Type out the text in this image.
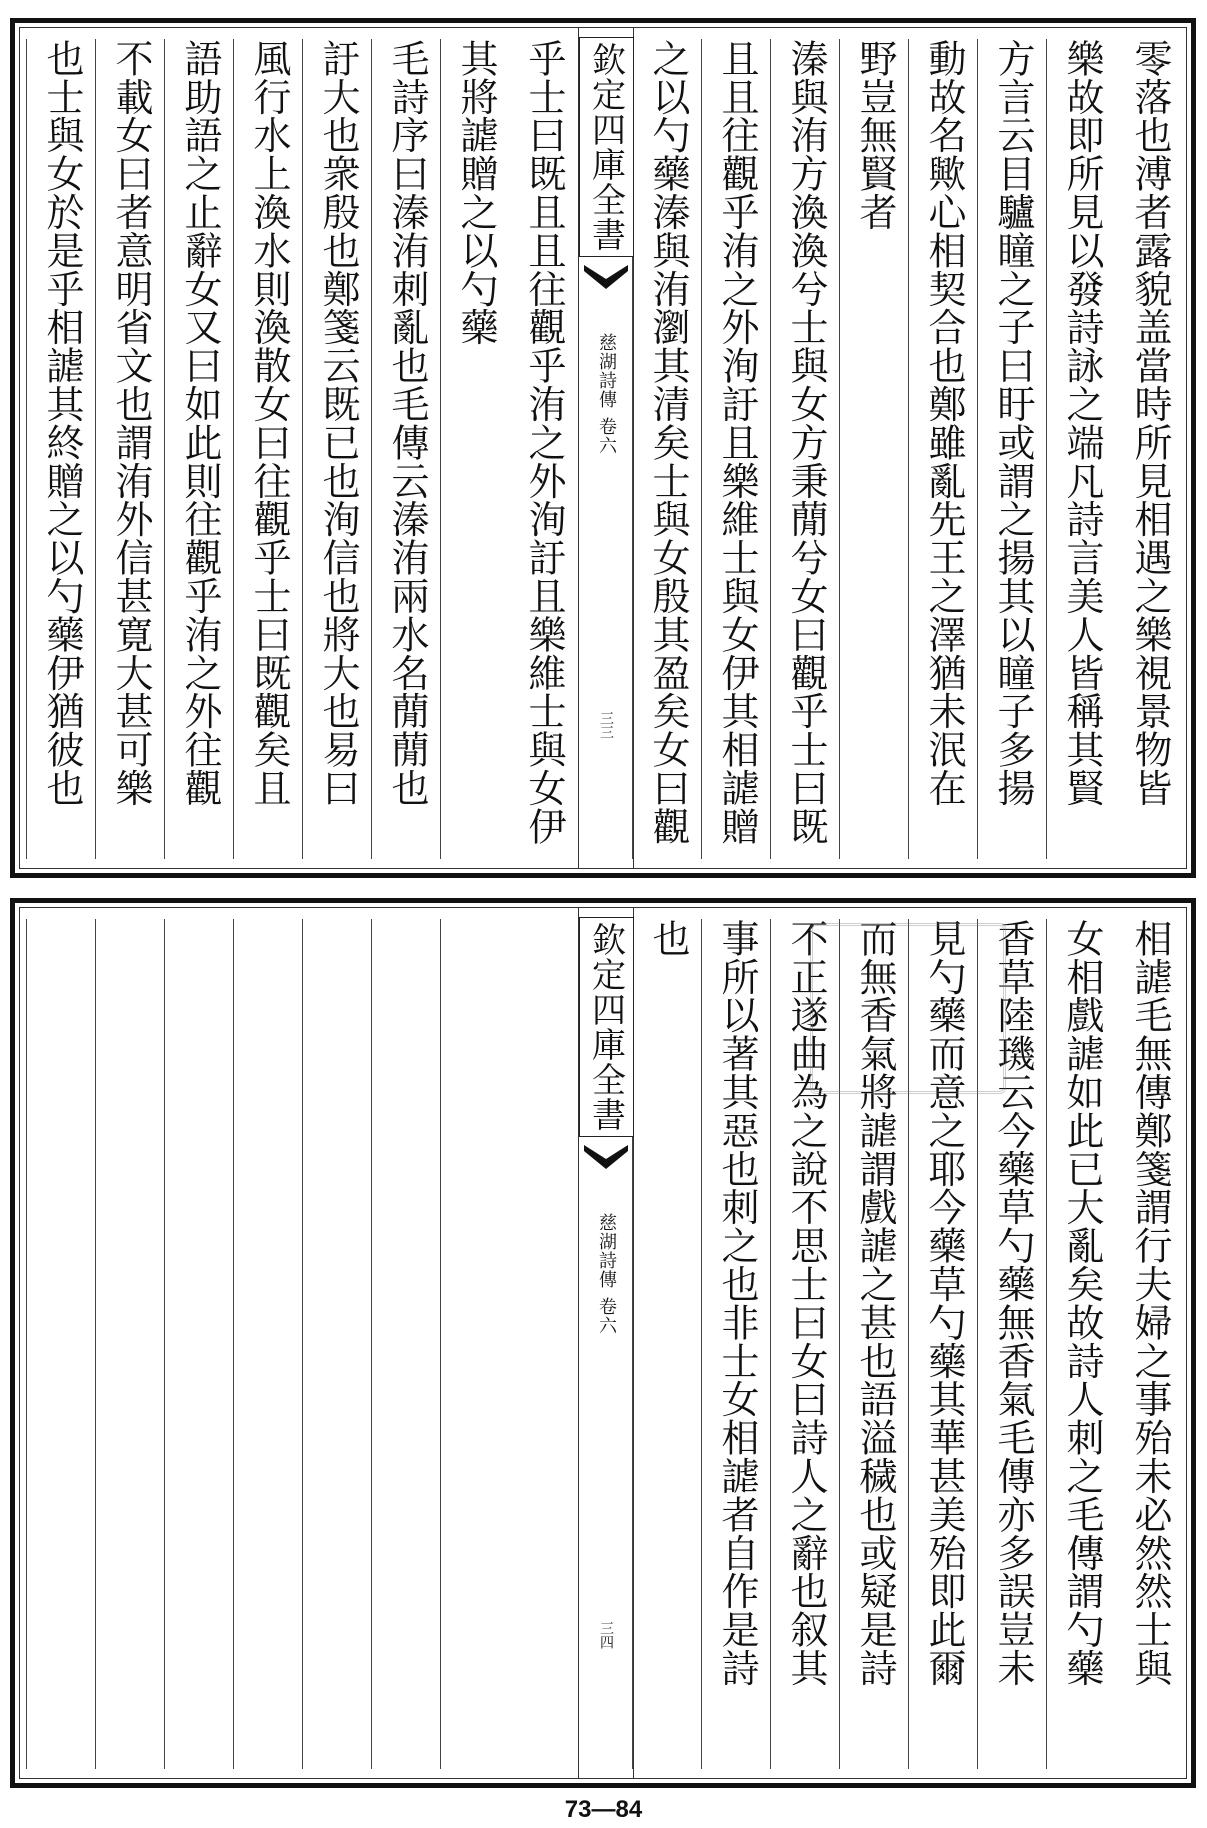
零落也溥者露貌盖當時所見相遇之樂視景物皆
樂故即所見以發詩詠之端凡詩言美人皆稱其賢
方言云目驢瞳之子曰盱或謂之揚其以瞳子多揚
動故名歟心相契合也鄭雖亂先王之澤猶未泯在
野豈無賢者
溱與洧方渙渙兮士與女方秉蕑兮女曰觀乎士曰既
且且往觀乎洧之外洵訏且樂維士與女伊其相謔贈
之以勺藥溱與洧瀏其清矣士與女殷其盈矣女曰觀
欽定四庫全書
慈湖詩傳
卷六
三三
乎士曰既且且往觀乎洧之外洵訏且樂維士與女伊
其將謔贈之以勺藥
毛詩序曰溱洧刺亂也毛傳云溱洧兩水名蕑蕑也
訏大也衆殷也鄭箋云既已也洵信也將大也易曰
風行水上渙水則渙散女曰往觀乎士曰既觀矣且
語助語之止辭女又曰如此則往觀乎洧之外往觀
不載女曰者意明省文也謂洧外信甚寛大甚可樂
也士與女於是乎相謔其終贈之以勺藥伊猶彼也
相謔毛無傳鄭箋謂行夫婦之事殆未必然然士與
女相戲謔如此已大亂矣故詩人刺之毛傳謂勺藥
香草陸璣云今藥草勺藥無香氣毛傳亦多誤豈未
見勺藥而意之耶今藥草勺藥其華甚美殆即此爾
而無香氣將謔謂戲謔之甚也語溢穢也或疑是詩
不正遂曲為之說不思士曰女曰詩人之辭也叙其
事所以著其惡也刺之也非士女相謔者自作是詩
也
欽定四庫全書
慈湖詩傳
卷六
三四
73—84
